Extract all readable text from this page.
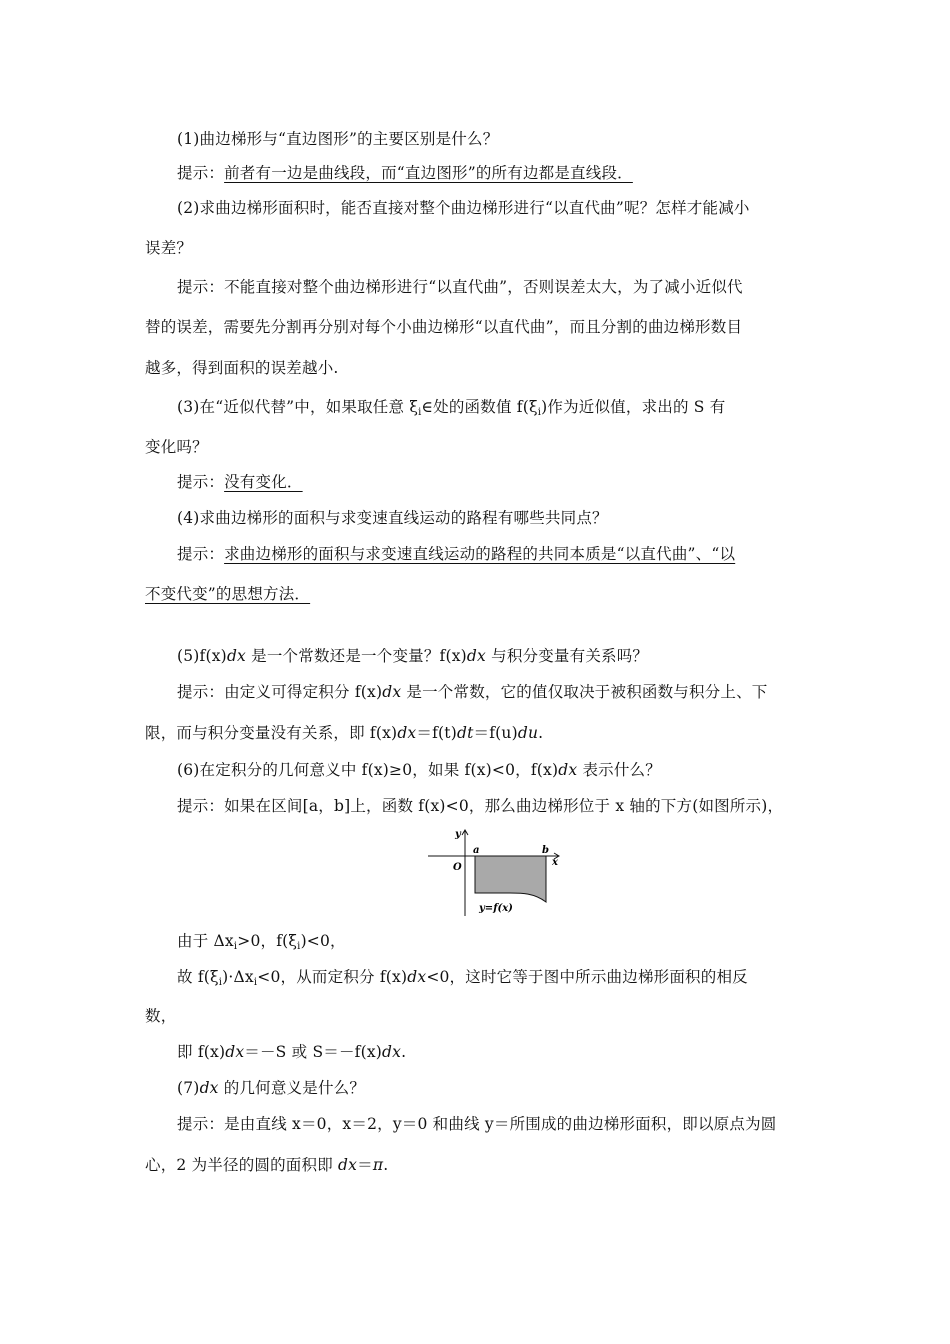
(1)曲边梯形与“直边图形”的主要区别是什么？
提示：前者有一边是曲线段，而“直边图形”的所有边都是直线段．
(2)求曲边梯形面积时，能否直接对整个曲边梯形进行“以直代曲”呢？怎样才能减小
误差？
提示：不能直接对整个曲边梯形进行“以直代曲”，否则误差太大，为了减小近似代
替的误差，需要先分割再分别对每个小曲边梯形“以直代曲”，而且分割的曲边梯形数目
越多，得到面积的误差越小.
(3)在“近似代替”中，如果取任意 $\xi_i\in$处的函数值 $f(\xi_i)$作为近似值，求出的 S 有
变化吗？
提示：没有变化．
(4)求曲边梯形的面积与求变速直线运动的路程有哪些共同点？
提示：求曲边梯形的面积与求变速直线运动的路程的共同本质是“以直代曲”、“以
不变代变”的思想方法．
(5)f(x)dx 是一个常数还是一个变量？f(x)dx 与积分变量有关系吗？
提示：由定义可得定积分 f(x)dx 是一个常数，它的值仅取决于被积函数与积分上、下
限，而与积分变量没有关系，即 f(x)dx＝f(t)dt＝f(u)du.
(6)在定积分的几何意义中 f(x)≥0，如果 f(x)<0，f(x)dx 表示什么？
提示：如果在区间[a，b]上，函数 f(x)<0，那么曲边梯形位于 x 轴的下方(如图所示)，
y
x
O
a	b
y=f(x)
由于 $\Delta x_i>0$，$f(\xi_i)<0$，
故 $f(\xi_i)\cdot\Delta x_i<0$，从而定积分 f(x)dx<0，这时它等于图中所示曲边梯形面积的相反
数，
即 f(x)dx＝－S 或 S＝－f(x)dx.
(7)dx 的几何意义是什么？
提示：是由直线 x＝0，x＝2，y＝0 和曲线 y＝所围成的曲边梯形面积，即以原点为圆
心，2 为半径的圆的面积即 dx＝π.
